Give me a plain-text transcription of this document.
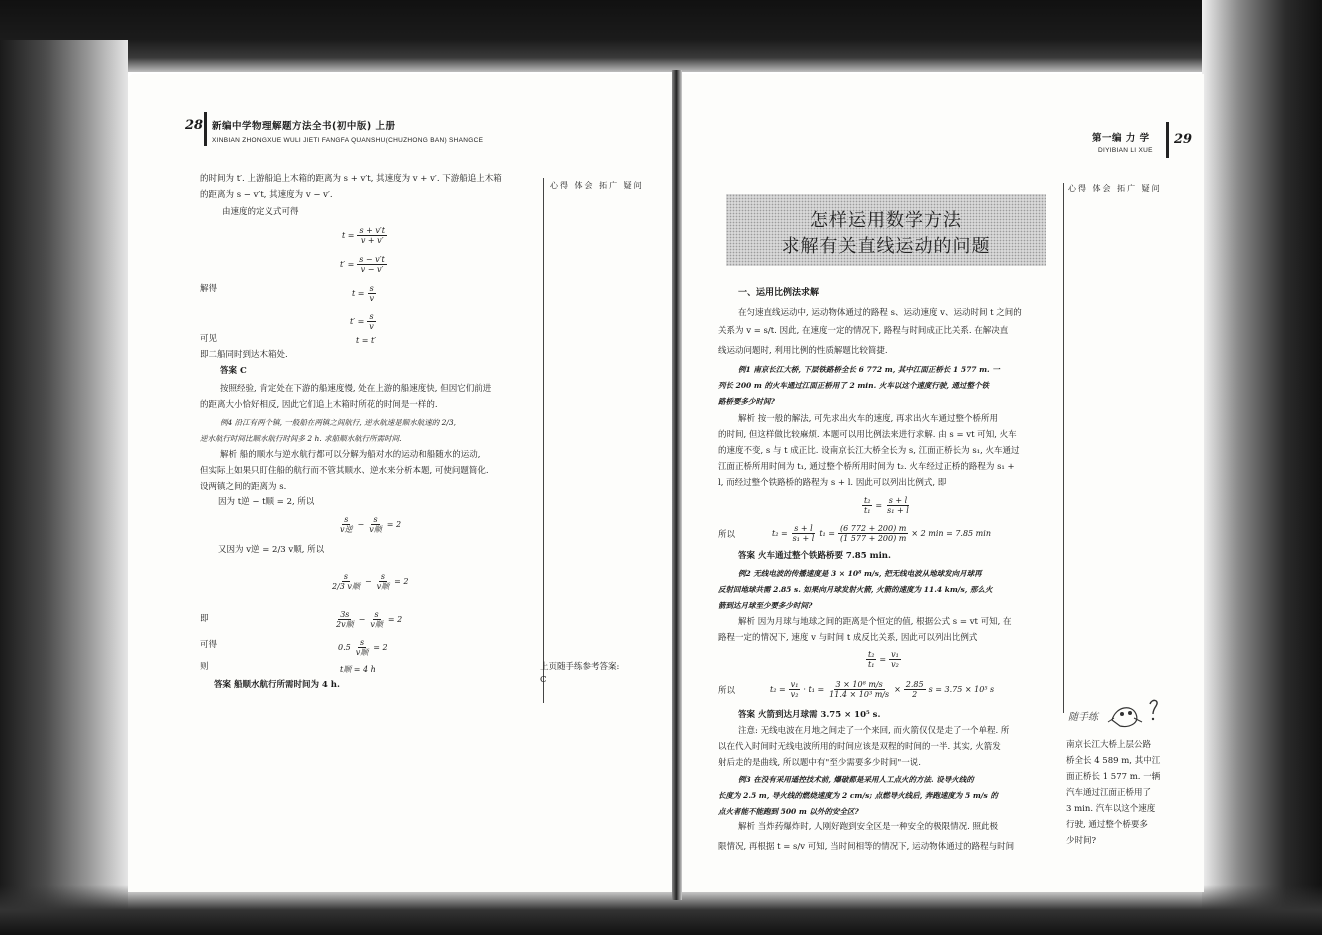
28 新编中学物理解题方法全书(初中版) 上册
XINBIAN ZHONGXUE WULI JIETI FANGFA QUANSHU(CHUZHONG BAN) SHANGCE
心得 体会 拓广 疑问
上页随手练参考答案:
C
的时间为 t′. 上游船追上木箱的距离为 s + v′t, 其速度为 v + v′. 下游船追上木箱
的距离为 s − v′t, 其速度为 v − v′.
由速度的定义式可得
$t = \frac{s + v't}{v + v'}$
$t' = \frac{s - v't}{v - v'}$
解得	$t = \frac{s}{v}$
$t' = \frac{s}{v}$
可见	t = t′
即二船同时到达木箱处.
答案 C
按照经验, 肯定处在下游的船速度慢, 处在上游的船速度快, 但因它们前进
的距离大小恰好相反, 因此它们追上木箱时所花的时间是一样的.
例4 沿江有两个镇, 一般船在两镇之间航行, 逆水航速是顺水航速的 2/3,
逆水航行时间比顺水航行时间多 2 h. 求船顺水航行所需时间.
解析 船的顺水与逆水航行都可以分解为船对水的运动和船随水的运动,
但实际上如果只盯住船的航行而不管其顺水、逆水来分析本题, 可使问题简化.
设两镇之间的距离为 s.
因为 t逆 − t顺 = 2, 所以
$\frac{s}{\text{v逆}} - \frac{s}{\text{v顺}} = 2$
又因为 v逆 = 2/3 v顺, 所以
$\frac{s}{\text{2/3 v顺}} - \frac{s}{\text{v顺}} = 2$
即	$\frac{3s}{\text{2v顺}} - \frac{s}{\text{v顺}} = 2$
可得	$0.5 \frac{s}{\text{v顺}} = 2$
则	t顺 = 4 h
答案 船顺水航行所需时间为 4 h.
第一编 力 学
DIYIBIAN LI XUE
29
心得 体会 拓广 疑问
怎样运用数学方法
求解有关直线运动的问题
一、运用比例法求解
在匀速直线运动中, 运动物体通过的路程 s、运动速度 v、运动时间 t 之间的
关系为 v = s/t. 因此, 在速度一定的情况下, 路程与时间成正比关系. 在解决直
线运动问题时, 利用比例的性质解题比较简捷.
例1 南京长江大桥, 下层铁路桥全长 6 772 m, 其中江面正桥长 1 577 m. 一
列长 200 m 的火车通过江面正桥用了 2 min. 火车以这个速度行驶, 通过整个铁
路桥要多少时间?
解析 按一般的解法, 可先求出火车的速度, 再求出火车通过整个桥所用
的时间, 但这样做比较麻烦. 本题可以用比例法来进行求解. 由 s = vt 可知, 火车
的速度不变, s 与 t 成正比. 设南京长江大桥全长为 s, 江面正桥长为 s₁, 火车通过
江面正桥所用时间为 t₁, 通过整个桥所用时间为 t₂. 火车经过正桥的路程为 s₁ +
l, 而经过整个铁路桥的路程为 s + l. 因此可以列出比例式, 即
$\frac{\text{t₂}}{\text{t₁}} = \frac{s + l}{\text{s₁ + l}}$
所以	$t_2 = \frac{s + l}{\text{s₁ + l}} t_1 = \frac{(6 772 + 200) m}{(1 577 + 200) m} \times 2$ min = 7.85 min
答案 火车通过整个铁路桥要 7.85 min.
例2 无线电波的传播速度是 3 × 10⁸ m/s, 把无线电波从地球发向月球再
反射回地球共需 2.85 s. 如果向月球发射火箭, 火箭的速度为 11.4 km/s, 那么火
箭到达月球至少要多少时间?
解析 因为月球与地球之间的距离是个恒定的值, 根据公式 s = vt 可知, 在
路程一定的情况下, 速度 v 与时间 t 成反比关系, 因此可以列出比例式
$\frac{\text{t₂}}{\text{t₁}} = \frac{\text{v₁}}{\text{v₂}}$
所以	$t_2 = \frac{\text{v₁}}{\text{v₂}} \cdot t_1 = \frac{\text{3 × 10⁸ m/s}}{\text{11.4 × 10³ m/s}} \times \frac{2.85}{2}$ s = 3.75 × 10⁵ s
答案 火箭到达月球需 3.75 × 10⁵ s.
注意: 无线电波在月地之间走了一个来回, 而火箭仅仅是走了一个单程. 所
以在代入时间时无线电波所用的时间应该是双程的时间的一半. 其实, 火箭发
射后走的是曲线, 所以题中有"至少需要多少时间"一说.
例3 在没有采用遥控技术前, 爆破都是采用人工点火的方法. 设导火线的
长度为 2.5 m, 导火线的燃烧速度为 2 cm/s; 点燃导火线后, 奔跑速度为 5 m/s 的
点火者能不能跑到 500 m 以外的安全区?
解析 当炸药爆炸时, 人刚好跑到安全区是一种安全的极限情况. 照此极
限情况, 再根据 t = s/v 可知, 当时间相等的情况下, 运动物体通过的路程与时间
随手练
南京长江大桥上层公路
桥全长 4 589 m, 其中江
面正桥长 1 577 m. 一辆
汽车通过江面正桥用了
3 min. 汽车以这个速度
行驶, 通过整个桥要多
少时间?
